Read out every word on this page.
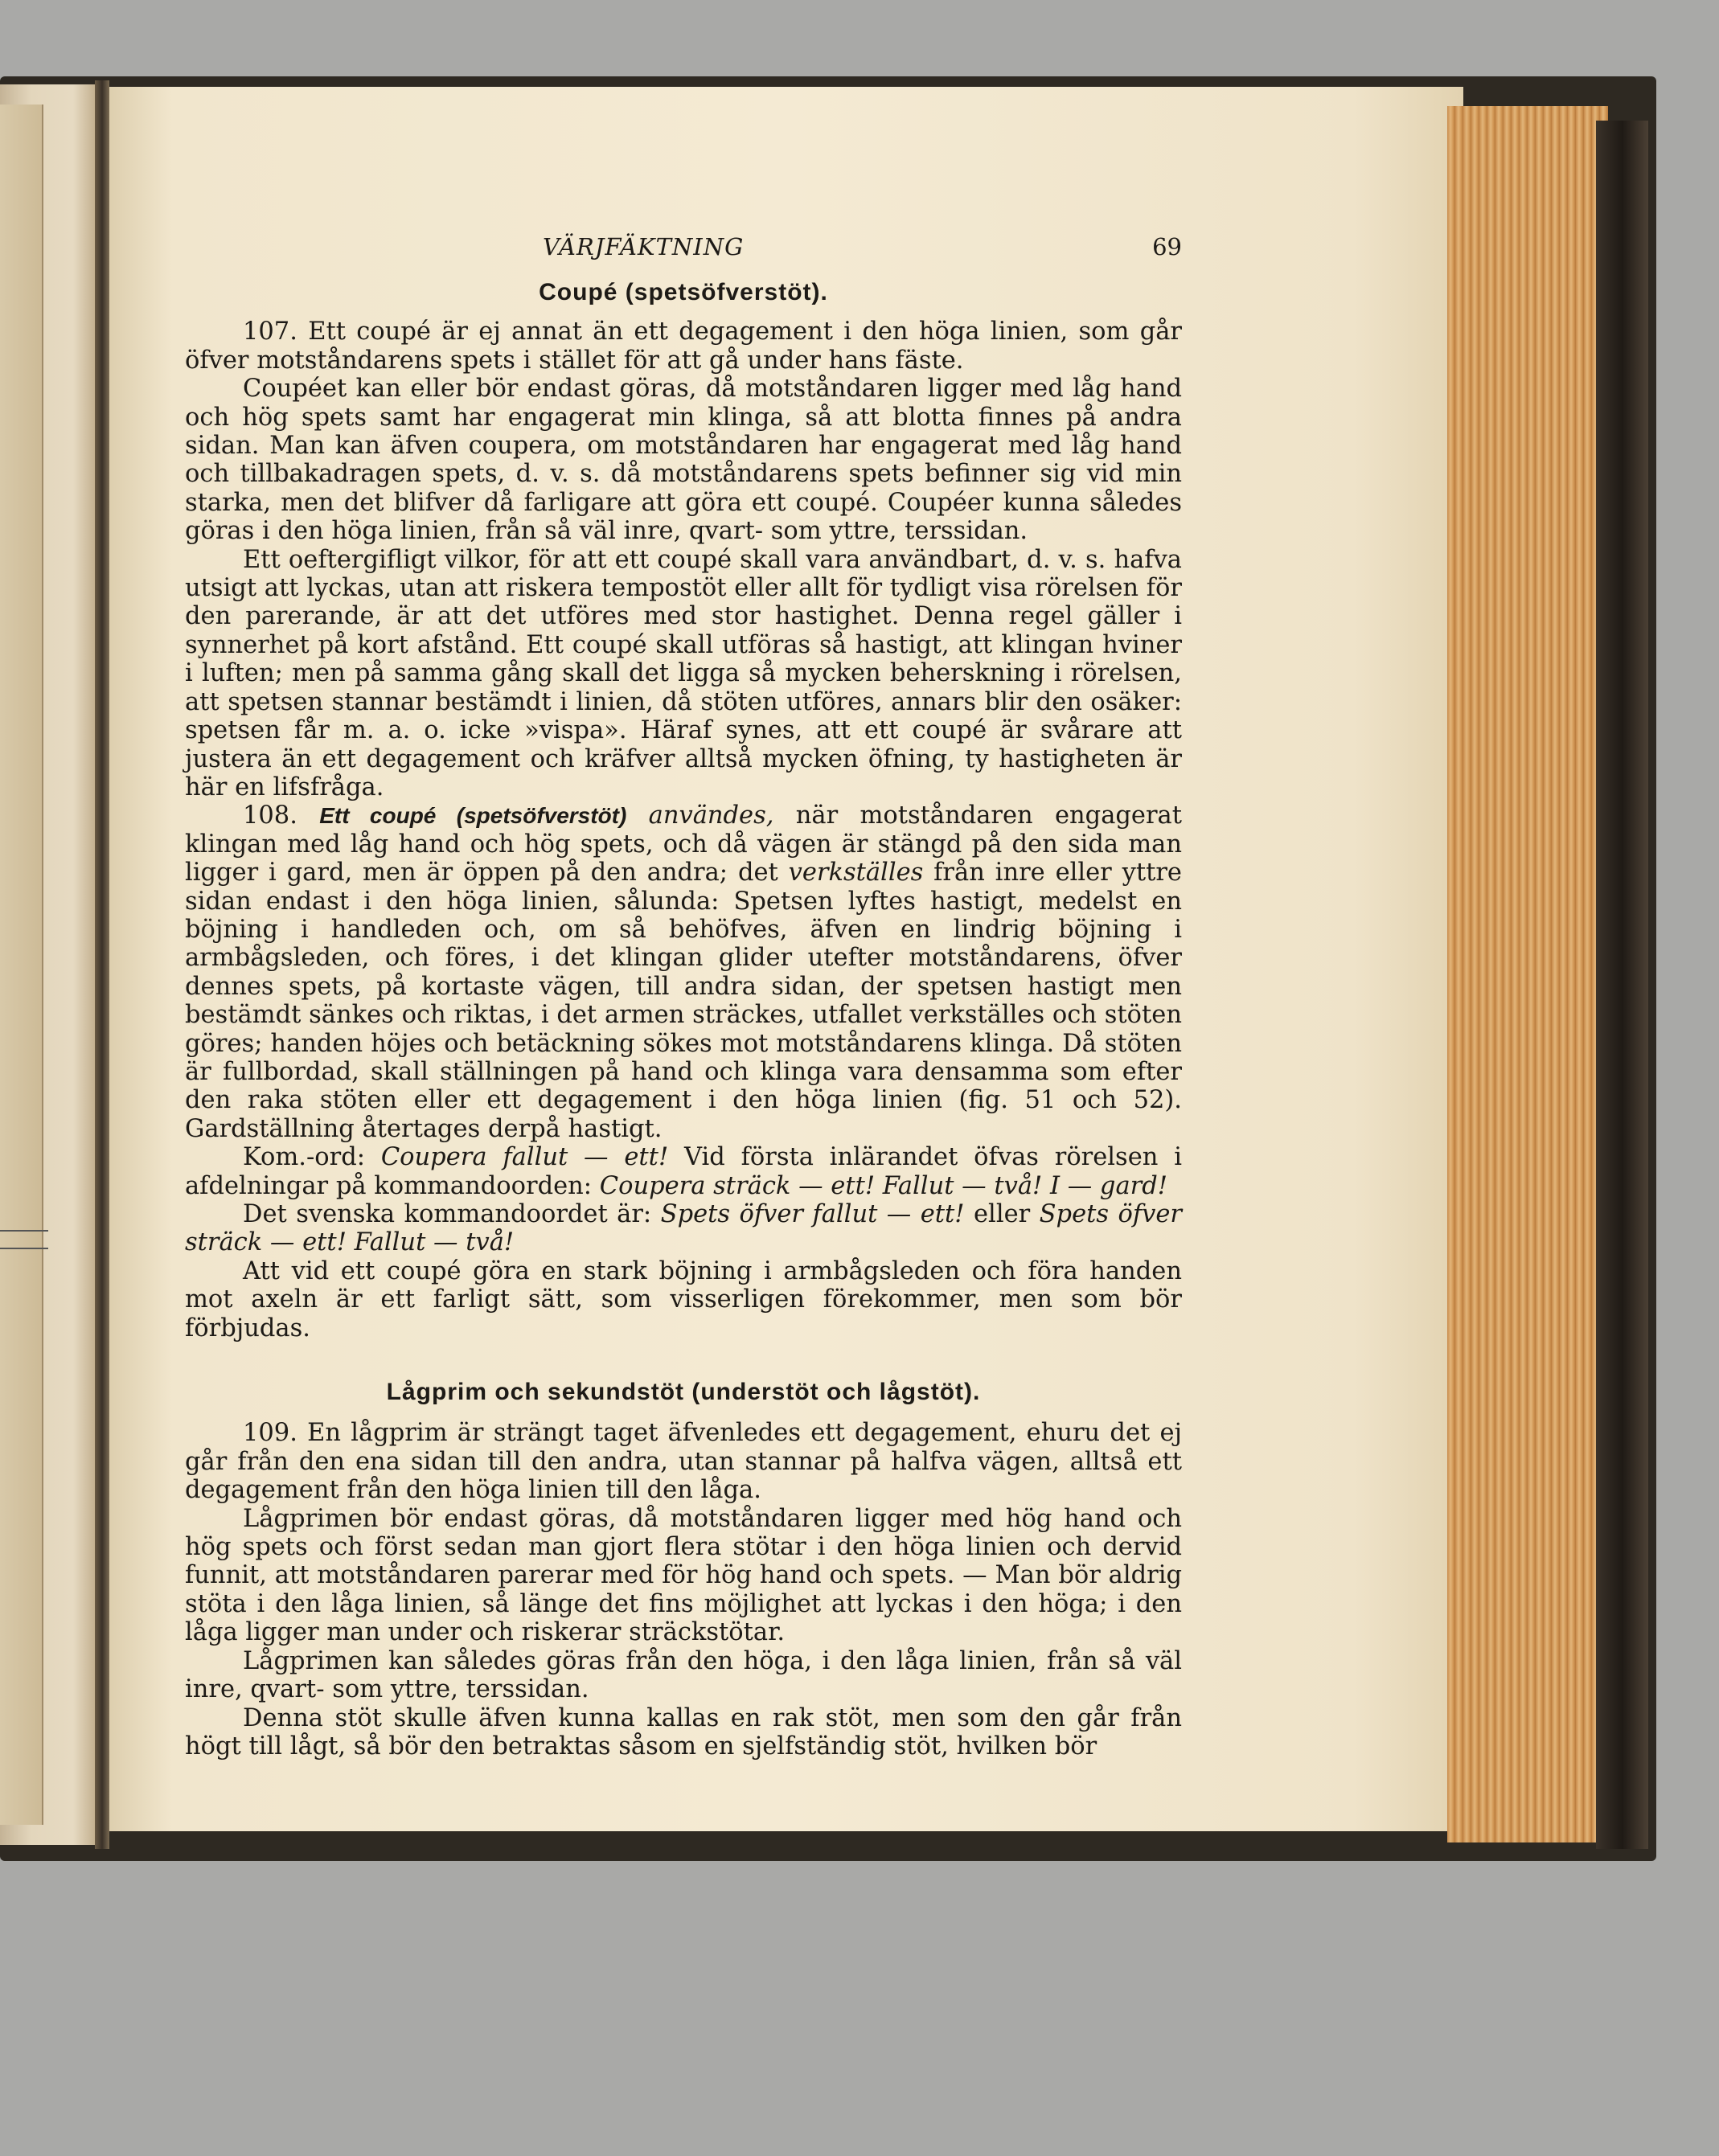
VÄRJFÄKTNING	69
Coupé (spetsöfverstöt).

107. Ett coupé är ej annat än ett degagement i den höga linien, som går öfver motståndarens spets i stället för att gå under hans fäste.

Coupéet kan eller bör endast göras, då motståndaren ligger med låg hand och hög spets samt har engagerat min klinga, så att blotta finnes på andra sidan. Man kan äfven coupera, om motståndaren har engagerat med låg hand och tillbakadragen spets, d. v. s. då motståndarens spets befinner sig vid min starka, men det blifver då farligare att göra ett coupé. Coupéer kunna således göras i den höga linien, från så väl inre, qvart- som yttre, terssidan.

Ett oeftergifligt vilkor, för att ett coupé skall vara användbart, d. v. s. hafva utsigt att lyckas, utan att riskera tempostöt eller allt för tydligt visa rörelsen för den parerande, är att det utföres med stor hastighet. Denna regel gäller i synnerhet på kort afstånd. Ett coupé skall utföras så hastigt, att klingan hviner i luften; men på samma gång skall det ligga så mycken beherskning i rörelsen, att spetsen stannar bestämdt i linien, då stöten utföres, annars blir den osäker: spetsen får m. a. o. icke »vispa». Häraf synes, att ett coupé är svårare att justera än ett degagement och kräfver alltså mycken öfning, ty hastigheten är här en lifsfråga.

108. Ett coupé (spetsöfverstöt) användes, när motståndaren engagerat klingan med låg hand och hög spets, och då vägen är stängd på den sida man ligger i gard, men är öppen på den andra; det verkställes från inre eller yttre sidan endast i den höga linien, sålunda: Spetsen lyftes hastigt, medelst en böjning i handleden och, om så behöfves, äfven en lindrig böjning i armbågsleden, och föres, i det klingan glider utefter motståndarens, öfver dennes spets, på kortaste vägen, till andra sidan, der spetsen hastigt men bestämdt sänkes och riktas, i det armen sträckes, utfallet verkställes och stöten göres; handen höjes och betäckning sökes mot motståndarens klinga. Då stöten är fullbordad, skall ställningen på hand och klinga vara densamma som efter den raka stöten eller ett degagement i den höga linien (fig. 51 och 52). Gardställning återtages derpå hastigt.

Kom.-ord: Coupera fallut — ett! Vid första inlärandet öfvas rörelsen i afdelningar på kommandoorden: Coupera sträck — ett! Fallut — två! I — gard!

Det svenska kommandoordet är: Spets öfver fallut — ett! eller Spets öfver sträck — ett! Fallut — två!

Att vid ett coupé göra en stark böjning i armbågsleden och föra handen mot axeln är ett farligt sätt, som visserligen förekommer, men som bör förbjudas.

Lågprim och sekundstöt (understöt och lågstöt).

109. En lågprim är strängt taget äfvenledes ett degagement, ehuru det ej går från den ena sidan till den andra, utan stannar på halfva vägen, alltså ett degagement från den höga linien till den låga.

Lågprimen bör endast göras, då motståndaren ligger med hög hand och hög spets och först sedan man gjort flera stötar i den höga linien och dervid funnit, att motståndaren parerar med för hög hand och spets. — Man bör aldrig stöta i den låga linien, så länge det fins möjlighet att lyckas i den höga; i den låga ligger man under och riskerar sträckstötar.

Lågprimen kan således göras från den höga, i den låga linien, från så väl inre, qvart- som yttre, terssidan.

Denna stöt skulle äfven kunna kallas en rak stöt, men som den går från högt till lågt, så bör den betraktas såsom en sjelfständig stöt, hvilken bör
